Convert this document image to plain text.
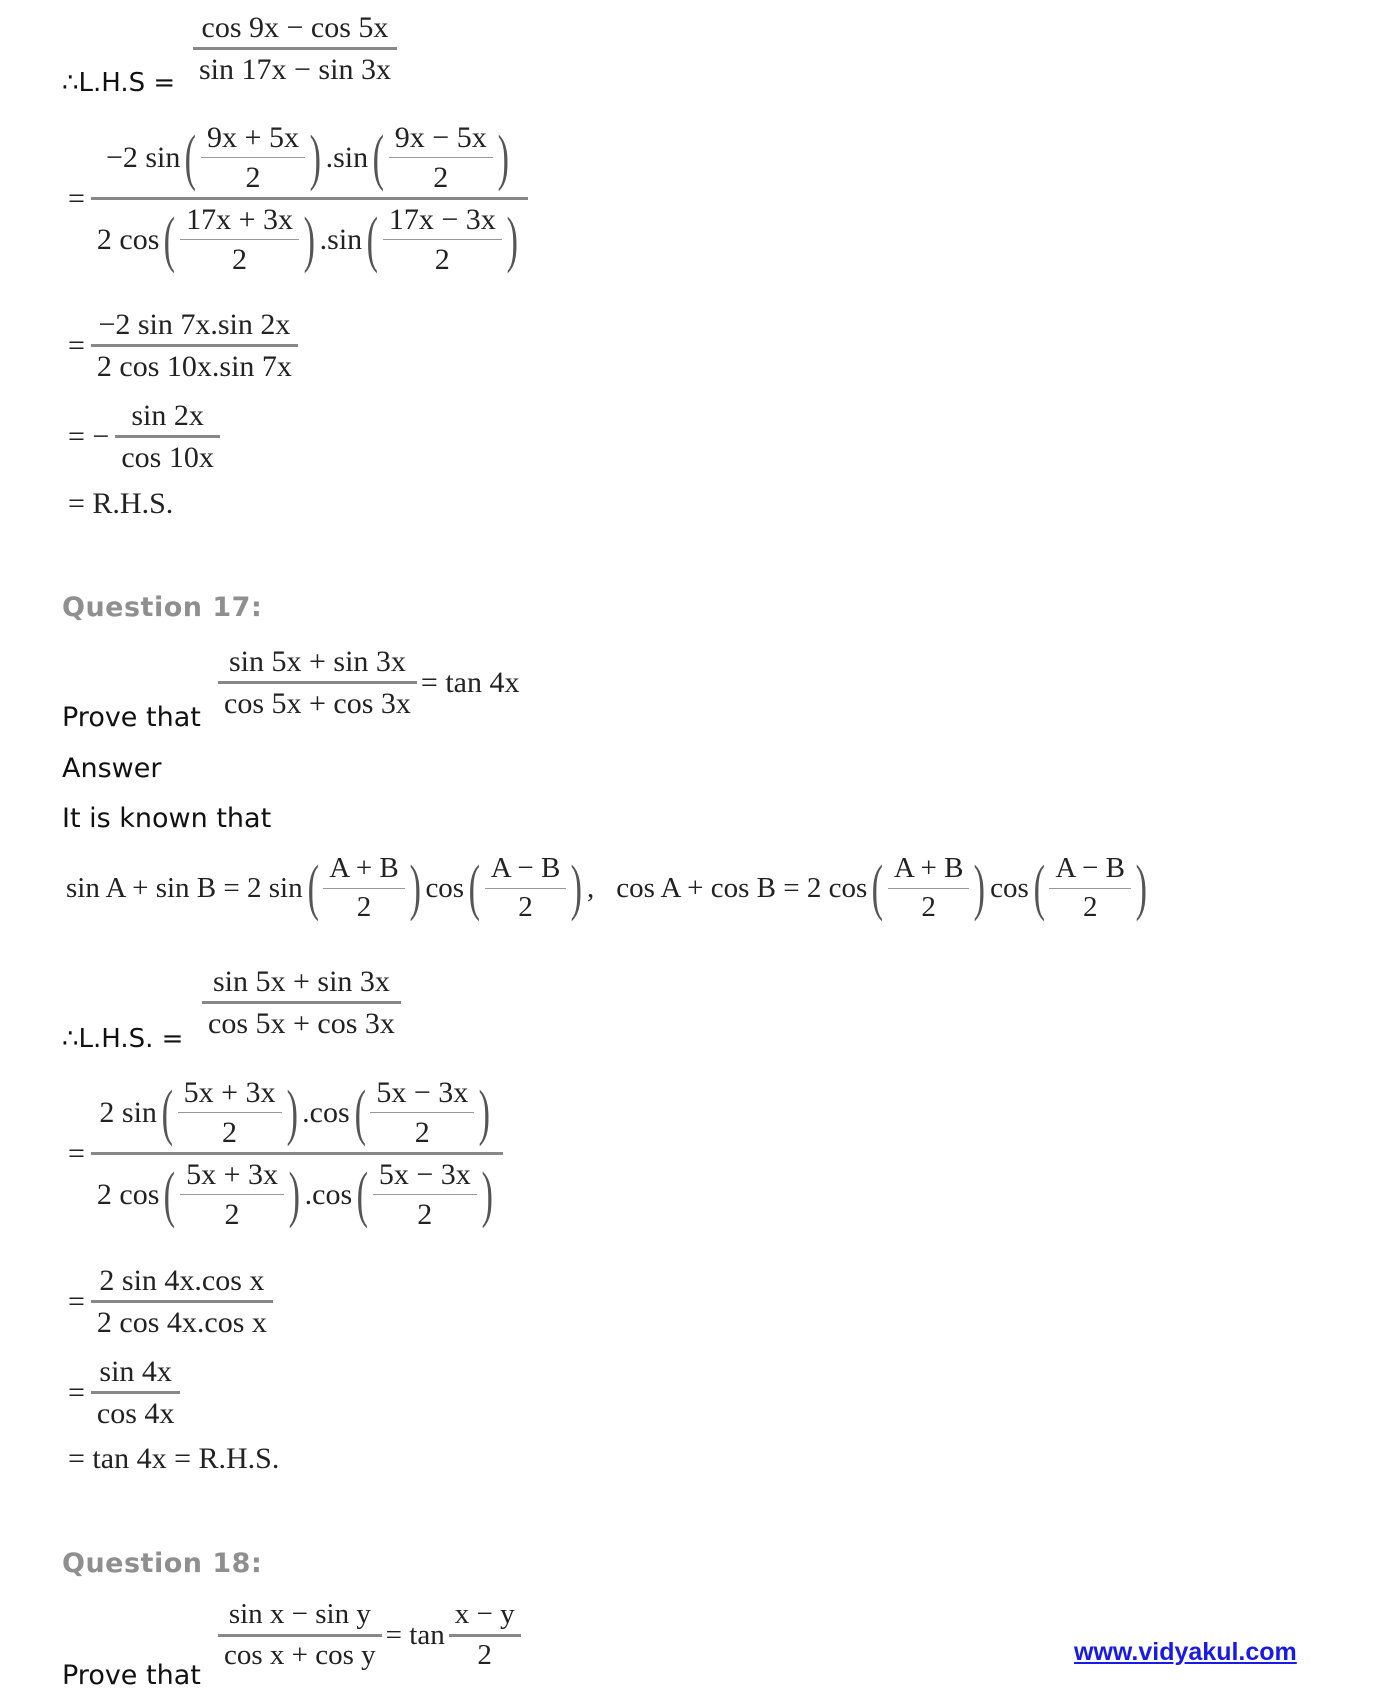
$\frac{\cos 9x - \cos 5x}{\sin 17x - \sin 3x}$
∴L.H.S =
=
−2 sin ( $\frac{9x + 5x}{2}$ ) .sin ( $\frac{9x - 5x}{2}$ )
2 cos ( $\frac{17x + 3x}{2}$ ) .sin ( $\frac{17x - 3x}{2}$ )
= $\frac{-2 \sin 7x.\sin 2x}{2 \cos 10x.\sin 7x}$
= − $\frac{\sin 2x}{\cos 10x}$
= R.H.S.
Question 17:
$\frac{\sin 5x + \sin 3x}{\cos 5x + \cos 3x} = \tan 4x$
Prove that
Answer
It is known that
sin A + sin B = 2 sin ( $\frac{A + B}{2}$ ) cos ( $\frac{A - B}{2}$ ) , cos A + cos B = 2 cos ( $\frac{A + B}{2}$ ) cos ( $\frac{A - B}{2}$ )
$\frac{\sin 5x + \sin 3x}{\cos 5x + \cos 3x}$
∴L.H.S. =
=
2 sin ( $\frac{5x + 3x}{2}$ ) .cos ( $\frac{5x - 3x}{2}$ )
2 cos ( $\frac{5x + 3x}{2}$ ) .cos ( $\frac{5x - 3x}{2}$ )
= $\frac{\text{2 sin 4x.cos x}}{\text{2 cos 4x.cos x}}$
= $\frac{\sin 4x}{\cos 4x}$
= tan 4x = R.H.S.
Question 18:
$\frac{\text{sin x − sin y}}{\text{cos x + cos y}} = \tan \frac{x - y}{2}$
Prove that
www.vidyakul.com
